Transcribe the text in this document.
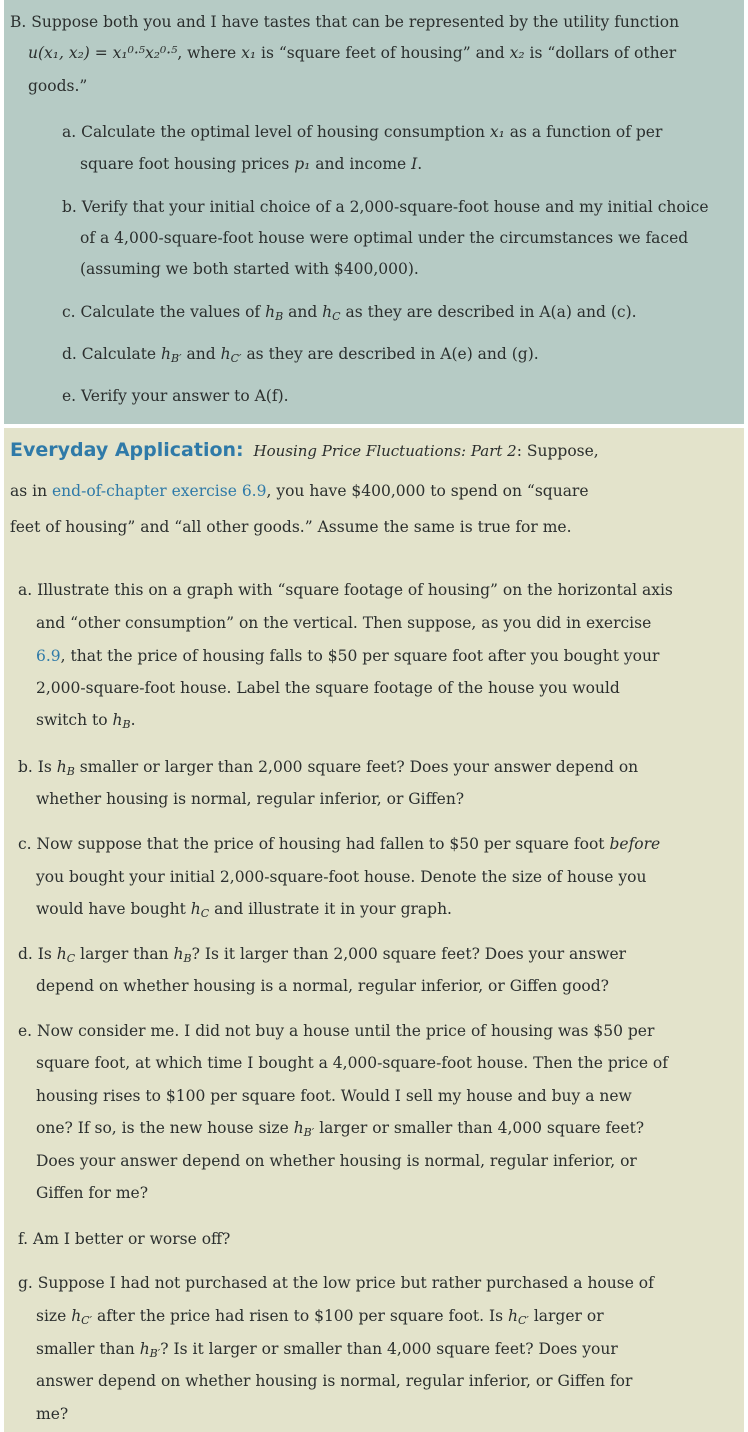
B. Suppose both you and I have tastes that can be represented by the utility function
u(x₁, x₂) = x₁⁰·⁵x₂⁰·⁵, where x₁ is “square feet of housing” and x₂ is “dollars of other
goods.”
a. Calculate the optimal level of housing consumption x₁ as a function of per
square foot housing prices p₁ and income I.
b. Verify that your initial choice of a 2,000-square-foot house and my initial choice
of a 4,000-square-foot house were optimal under the circumstances we faced
(assuming we both started with $400,000).
c. Calculate the values of $h_B$ and $h_C$ as they are described in A(a) and (c).
d. Calculate $h_{B'}$ and $h_{C'}$ as they are described in A(e) and (g).
e. Verify your answer to A(f).
Everyday Application: Housing Price Fluctuations: Part 2: Suppose,
as in end-of-chapter exercise 6.9, you have $400,000 to spend on “square
feet of housing” and “all other goods.” Assume the same is true for me.
a. Illustrate this on a graph with “square footage of housing” on the horizontal axis
and “other consumption” on the vertical. Then suppose, as you did in exercise
6.9, that the price of housing falls to $50 per square foot after you bought your
2,000-square-foot house. Label the square footage of the house you would
switch to $h_B$.
b. Is $h_B$ smaller or larger than 2,000 square feet? Does your answer depend on
whether housing is normal, regular inferior, or Giffen?
c. Now suppose that the price of housing had fallen to $50 per square foot before
you bought your initial 2,000-square-foot house. Denote the size of house you
would have bought $h_C$ and illustrate it in your graph.
d. Is $h_C$ larger than $h_B$? Is it larger than 2,000 square feet? Does your answer
depend on whether housing is a normal, regular inferior, or Giffen good?
e. Now consider me. I did not buy a house until the price of housing was $50 per
square foot, at which time I bought a 4,000-square-foot house. Then the price of
housing rises to $100 per square foot. Would I sell my house and buy a new
one? If so, is the new house size $h_{B'}$ larger or smaller than 4,000 square feet?
Does your answer depend on whether housing is normal, regular inferior, or
Giffen for me?
f. Am I better or worse off?
g. Suppose I had not purchased at the low price but rather purchased a house of
size $h_{C'}$ after the price had risen to $100 per square foot. Is $h_{C'}$ larger or
smaller than $h_{B'}$? Is it larger or smaller than 4,000 square feet? Does your
answer depend on whether housing is normal, regular inferior, or Giffen for
me?
